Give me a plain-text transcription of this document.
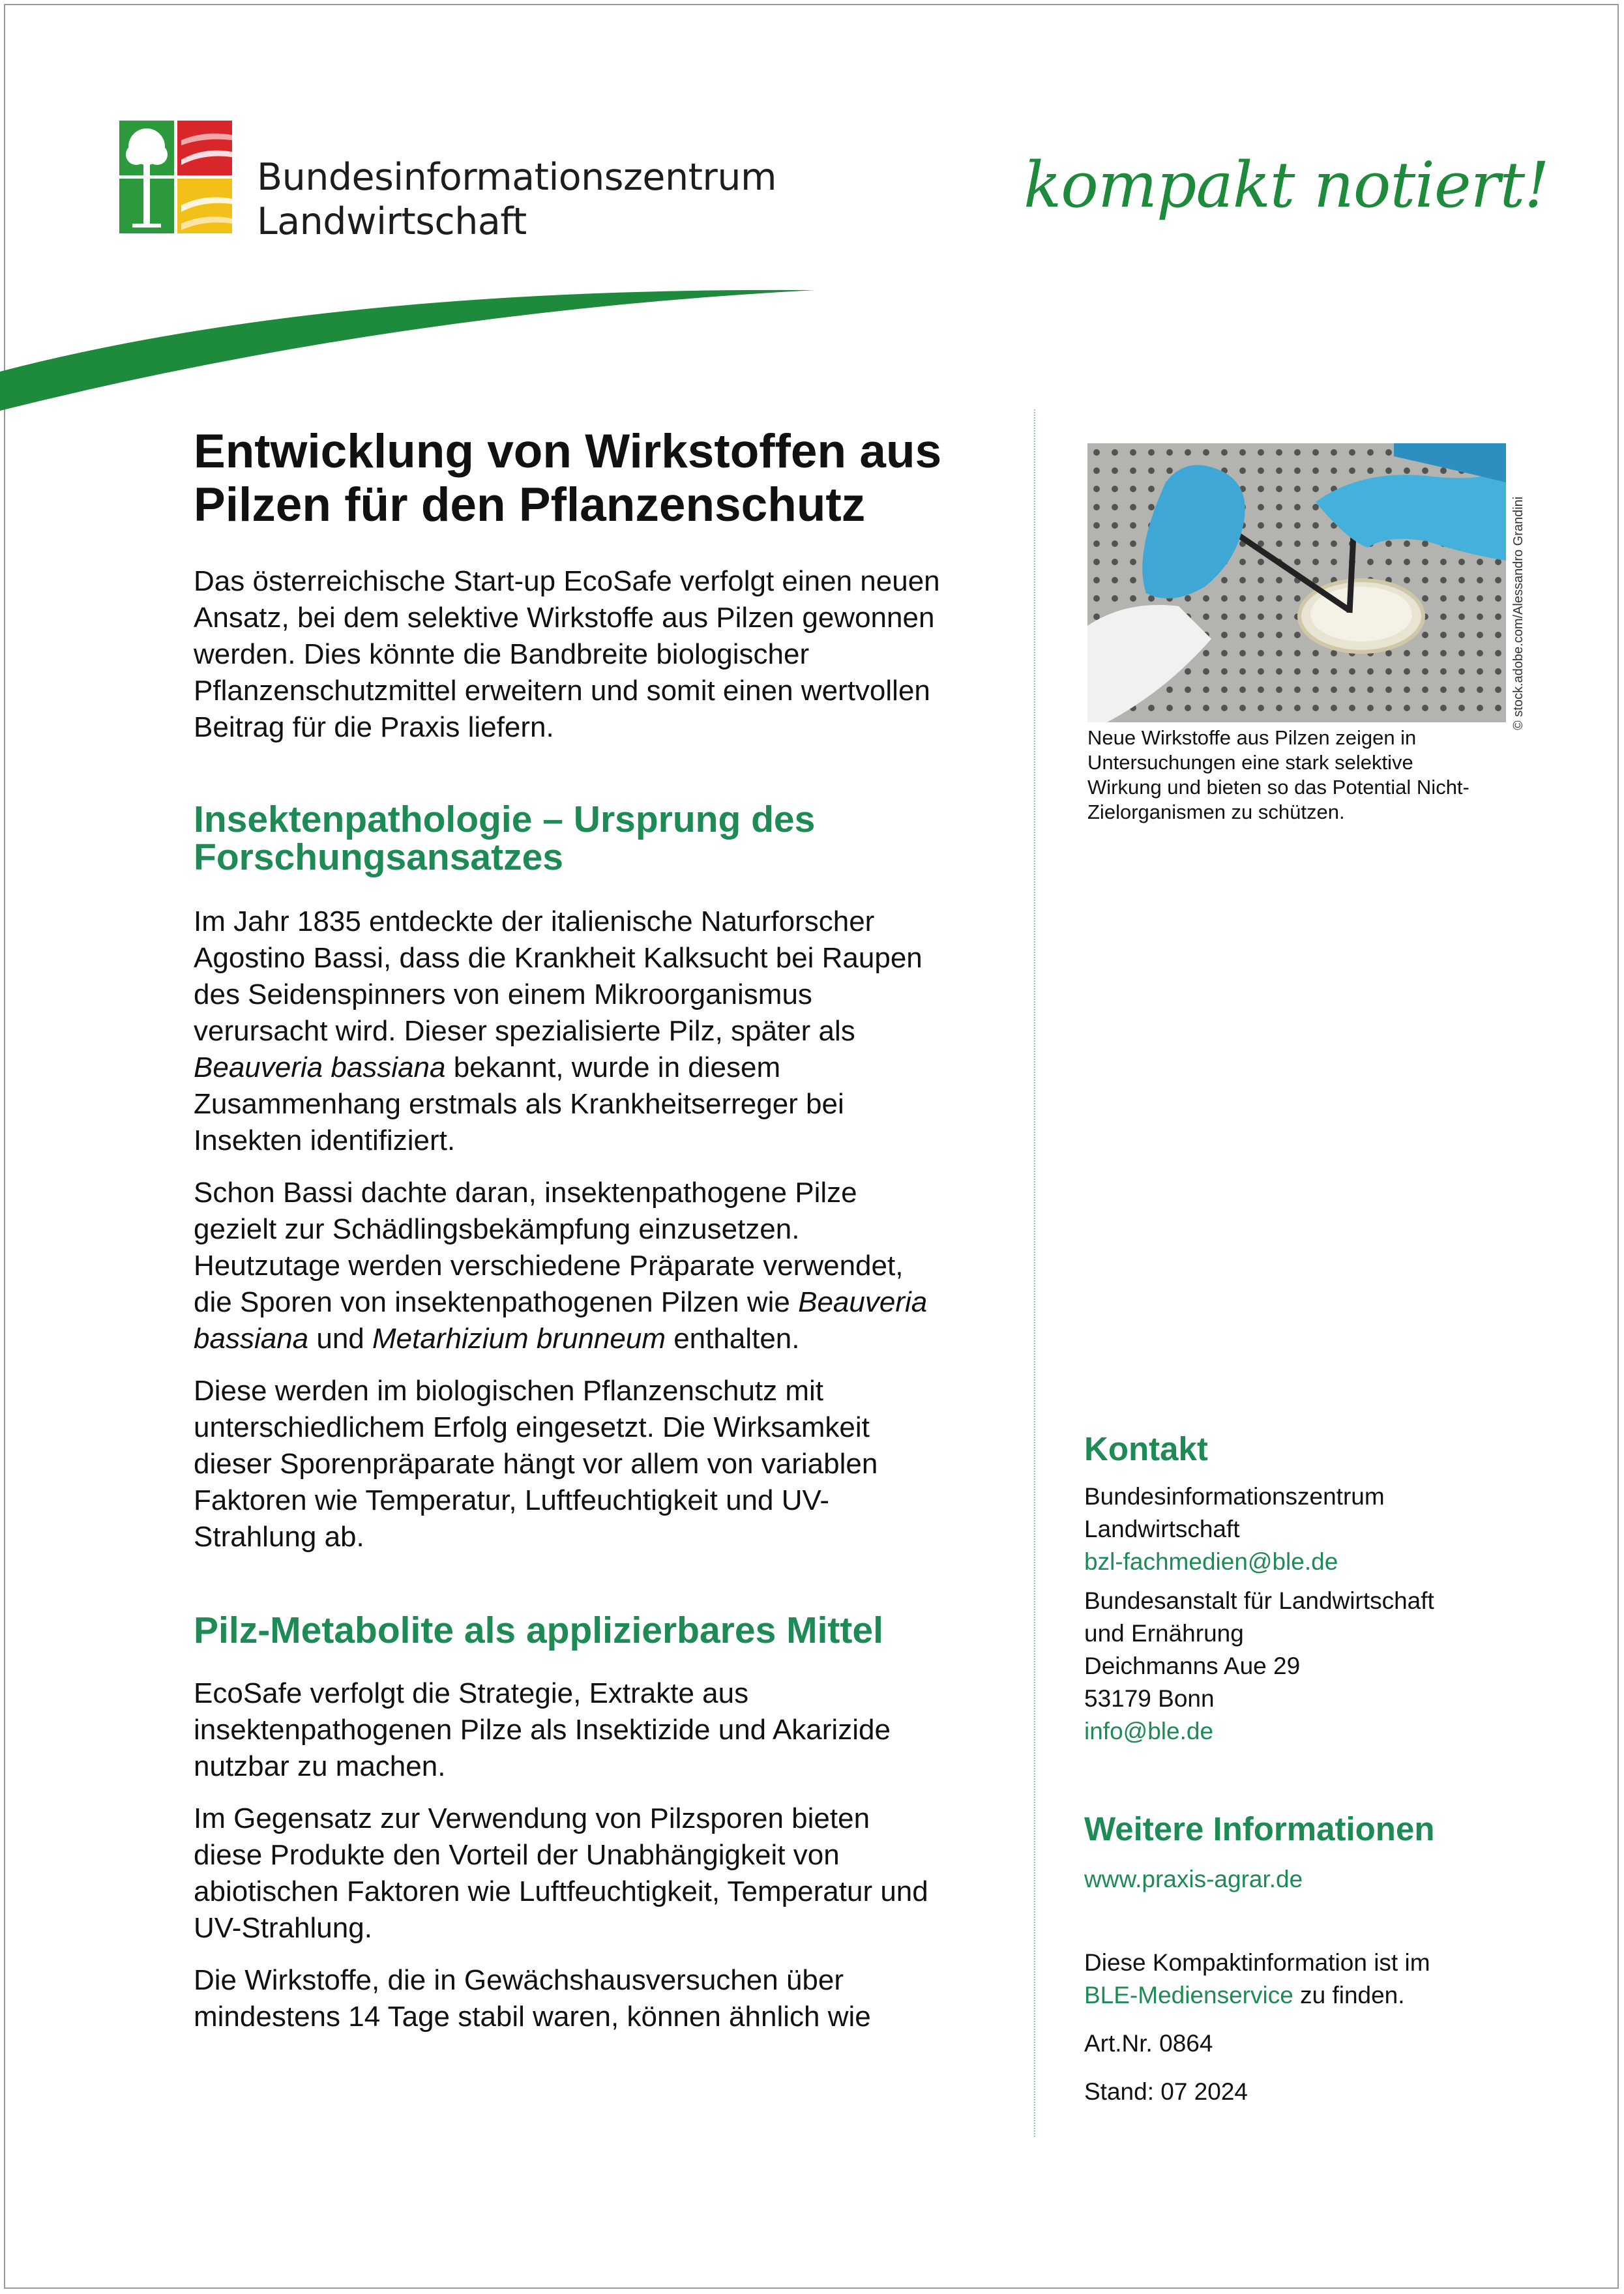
Bundesinformationszentrum
Landwirtschaft	kompakt notiert!
Entwicklung von Wirkstoffen aus
Pilzen für den Pflanzenschutz

Das österreichische Start-up EcoSafe verfolgt einen neuen
Ansatz, bei dem selektive Wirkstoffe aus Pilzen gewonnen
werden. Dies könnte die Bandbreite biologischer
Pflanzenschutzmittel erweitern und somit einen wertvollen
Beitrag für die Praxis liefern.

Insektenpathologie – Ursprung des
Forschungsansatzes

Im Jahr 1835 entdeckte der italienische Naturforscher
Agostino Bassi, dass die Krankheit Kalksucht bei Raupen
des Seidenspinners von einem Mikroorganismus
verursacht wird. Dieser spezialisierte Pilz, später als
Beauveria bassiana bekannt, wurde in diesem
Zusammenhang erstmals als Krankheitserreger bei
Insekten identifiziert.

Schon Bassi dachte daran, insektenpathogene Pilze
gezielt zur Schädlingsbekämpfung einzusetzen.
Heutzutage werden verschiedene Präparate verwendet,
die Sporen von insektenpathogenen Pilzen wie Beauveria
bassiana und Metarhizium brunneum enthalten.

Diese werden im biologischen Pflanzenschutz mit
unterschiedlichem Erfolg eingesetzt. Die Wirksamkeit
dieser Sporenpräparate hängt vor allem von variablen
Faktoren wie Temperatur, Luftfeuchtigkeit und UV-
Strahlung ab.

Pilz-Metabolite als applizierbares Mittel

EcoSafe verfolgt die Strategie, Extrakte aus
insektenpathogenen Pilze als Insektizide und Akarizide
nutzbar zu machen.

Im Gegensatz zur Verwendung von Pilzsporen bieten
diese Produkte den Vorteil der Unabhängigkeit von
abiotischen Faktoren wie Luftfeuchtigkeit, Temperatur und
UV-Strahlung.

Die Wirkstoffe, die in Gewächshausversuchen über
mindestens 14 Tage stabil waren, können ähnlich wie

© stock.adobe.com/Alessandro Grandini
Neue Wirkstoffe aus Pilzen zeigen in
Untersuchungen eine stark selektive
Wirkung und bieten so das Potential Nicht-
Zielorganismen zu schützen.
Kontakt

Bundesinformationszentrum
Landwirtschaft
bzl-fachmedien@ble.de

Bundesanstalt für Landwirtschaft
und Ernährung
Deichmanns Aue 29
53179 Bonn
info@ble.de

Weitere Informationen

www.praxis-agrar.de

Diese Kompaktinformation ist im
BLE-Medienservice zu finden.

Art.Nr. 0864

Stand: 07 2024
